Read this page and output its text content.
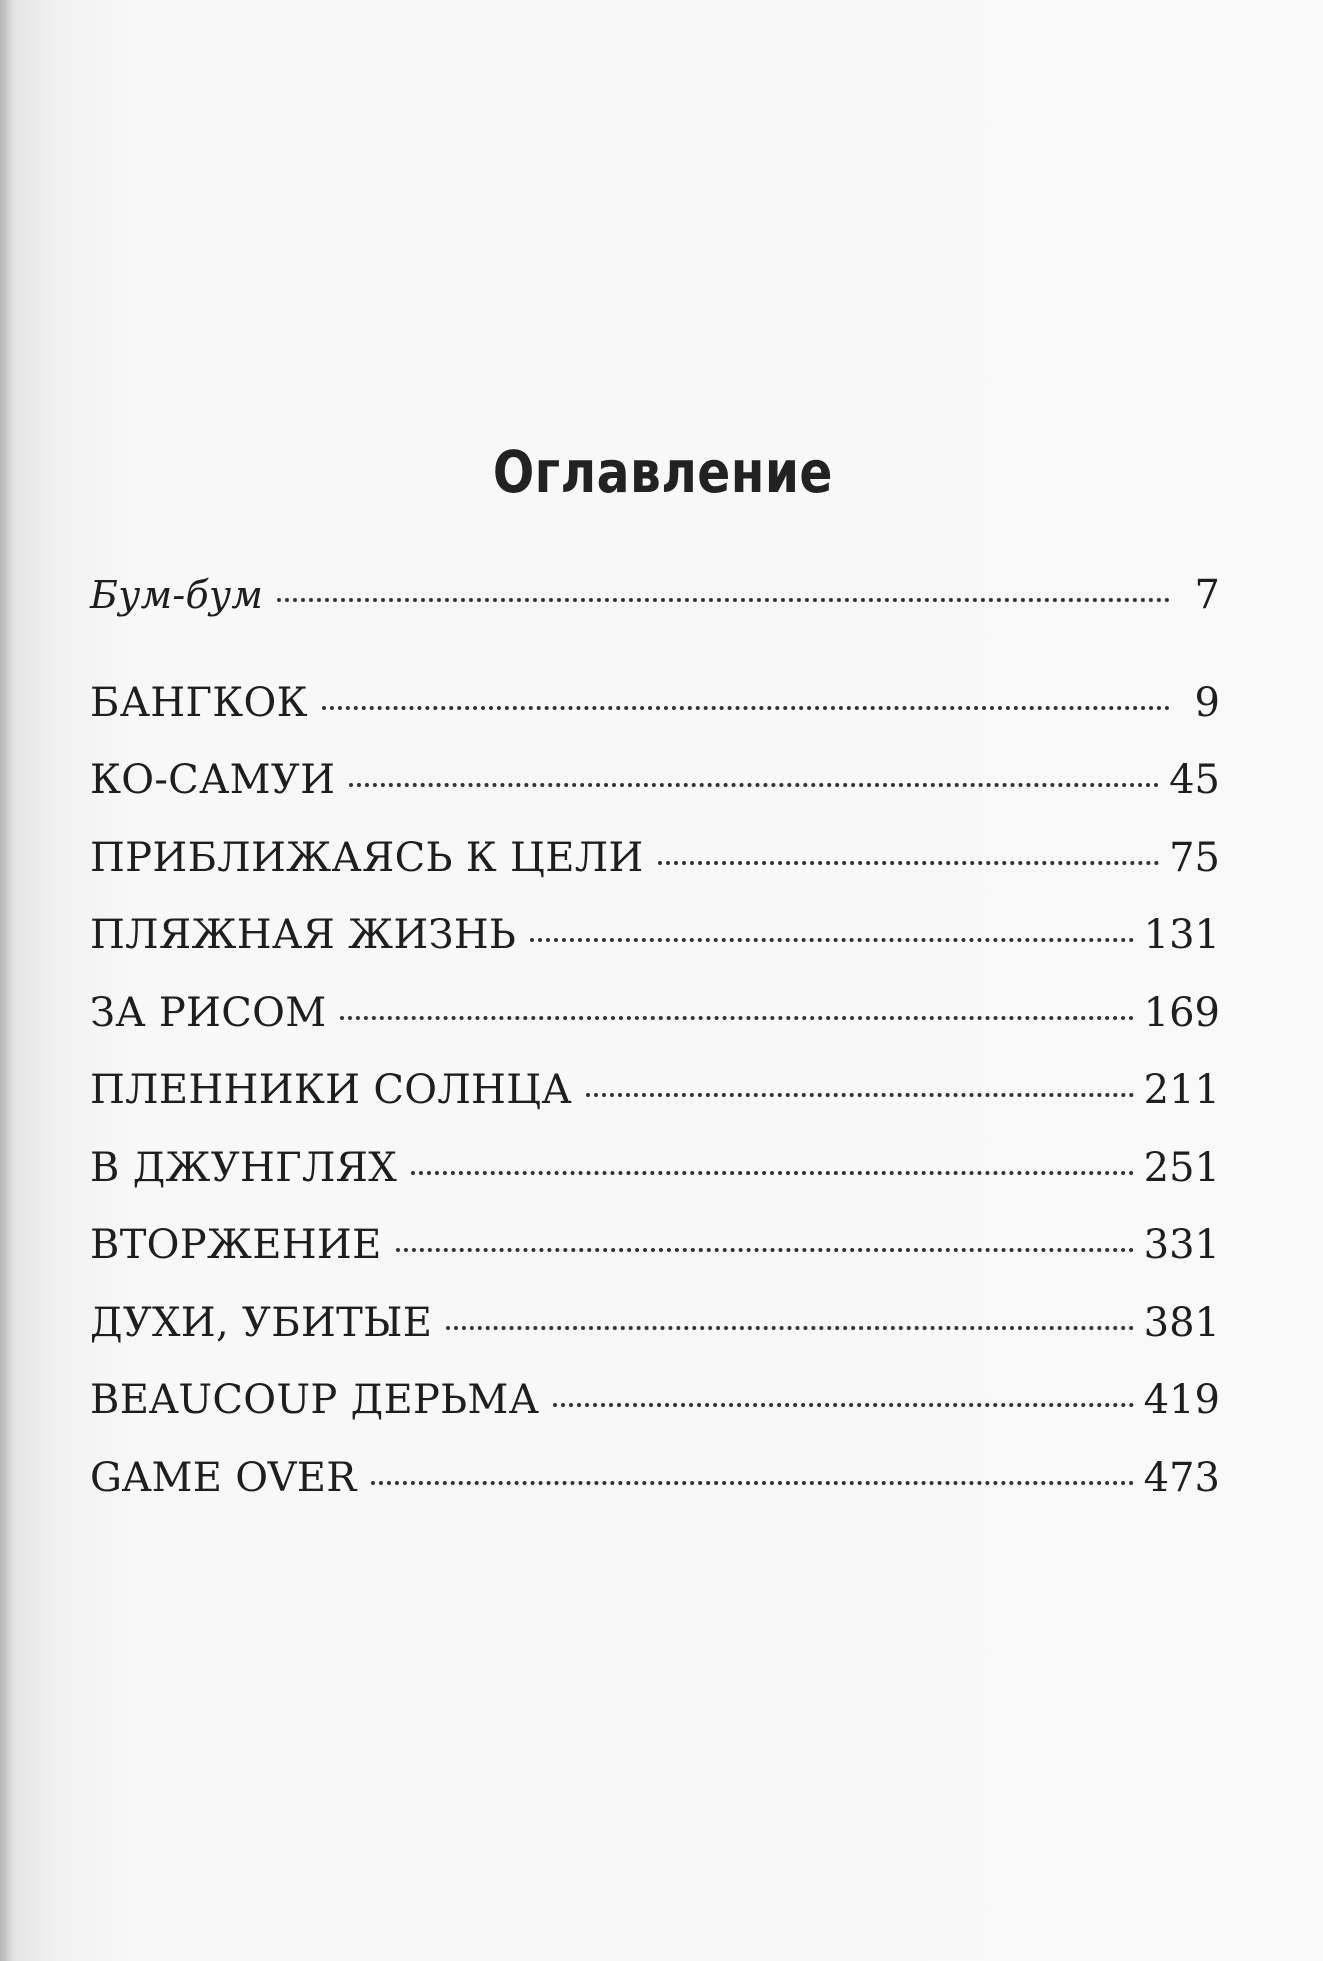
Оглавление
Бум-бум	7
БАНГКОК	9
КО-САМУИ	45
ПРИБЛИЖАЯСЬ К ЦЕЛИ	75
ПЛЯЖНАЯ ЖИЗНЬ	131
ЗА РИСОМ	169
ПЛЕННИКИ СОЛНЦА	211
В ДЖУНГЛЯХ	251
ВТОРЖЕНИЕ	331
ДУХИ, УБИТЫЕ	381
BEAUCOUP ДЕРЬМА	419
GAME OVER	473
